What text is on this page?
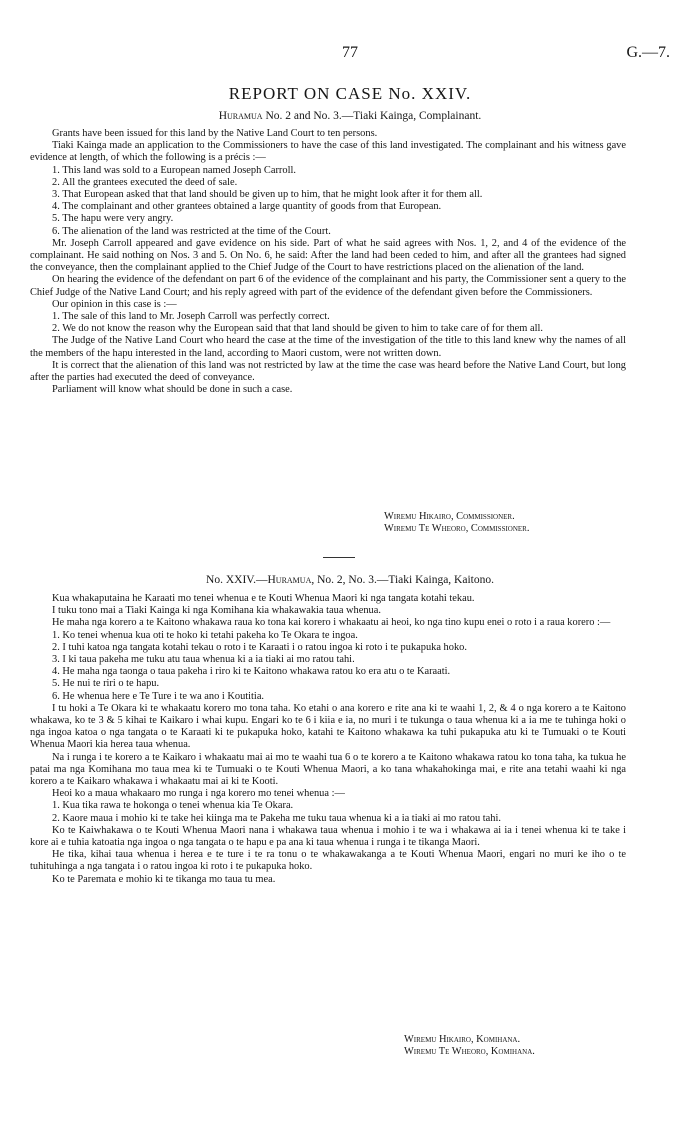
77	G.—7.
REPORT ON CASE No. XXIV.
Huramua No. 2 and No. 3.—Tiaki Kainga, Complainant.

Grants have been issued for this land by the Native Land Court to ten persons.

Tiaki Kainga made an application to the Commissioners to have the case of this land investigated. The complainant and his witness gave evidence at length, of which the following is a précis :—

1. This land was sold to a European named Joseph Carroll.

2. All the grantees executed the deed of sale.

3. That European asked that that land should be given up to him, that he might look after it for them all.

4. The complainant and other grantees obtained a large quantity of goods from that European.

5. The hapu were very angry.

6. The alienation of the land was restricted at the time of the Court.

Mr. Joseph Carroll appeared and gave evidence on his side. Part of what he said agrees with Nos. 1, 2, and 4 of the evidence of the complainant. He said nothing on Nos. 3 and 5. On No. 6, he said: After the land had been ceded to him, and after all the grantees had signed the conveyance, then the complainant applied to the Chief Judge of the Court to have restrictions placed on the alienation of the land.

On hearing the evidence of the defendant on part 6 of the evidence of the complainant and his party, the Commissioner sent a query to the Chief Judge of the Native Land Court; and his reply agreed with part of the evidence of the defendant given before the Commissioners.

Our opinion in this case is :—

1. The sale of this land to Mr. Joseph Carroll was perfectly correct.

2. We do not know the reason why the European said that that land should be given to him to take care of for them all.

The Judge of the Native Land Court who heard the case at the time of the investigation of the title to this land knew why the names of all the members of the hapu interested in the land, according to Maori custom, were not written down.

It is correct that the alienation of this land was not restricted by law at the time the case was heard before the Native Land Court, but long after the parties had executed the deed of conveyance.

Parliament will know what should be done in such a case.

Wiremu Hikairo, Commissioner.
Wiremu Te Wheoro, Commissioner.
No. XXIV.—Huramua, No. 2, No. 3.—Tiaki Kainga, Kaitono.

Kua whakaputaina he Karaati mo tenei whenua e te Kouti Whenua Maori ki nga tangata kotahi tekau.

I tuku tono mai a Tiaki Kainga ki nga Komihana kia whakawakia taua whenua.

He maha nga korero a te Kaitono whakawa raua ko tona kai korero i whakaatu ai heoi, ko nga tino kupu enei o roto i a raua korero :—

1. Ko tenei whenua kua oti te hoko ki tetahi pakeha ko Te Okara te ingoa.

2. I tuhi katoa nga tangata kotahi tekau o roto i te Karaati i o ratou ingoa ki roto i te pukapuka hoko.

3. I ki taua pakeha me tuku atu taua whenua ki a ia tiaki ai mo ratou tahi.

4. He maha nga taonga o taua pakeha i riro ki te Kaitono whakawa ratou ko era atu o te Karaati.

5. He nui te riri o te hapu.

6. He whenua here e Te Ture i te wa ano i Koutitia.

I tu hoki a Te Okara ki te whakaatu korero mo tona taha. Ko etahi o ana korero e rite ana ki te waahi 1, 2, & 4 o nga korero a te Kaitono whakawa, ko te 3 & 5 kihai te Kaikaro i whai kupu. Engari ko te 6 i kiia e ia, no muri i te tukunga o taua whenua ki a ia me te tuhinga hoki o nga ingoa katoa o nga tangata o te Karaati ki te pukapuka hoko, katahi te Kaitono whakawa ka tuhi pukapuka atu ki te Tumuaki o te Kouti Whenua Maori kia herea taua whenua.

Na i runga i te korero a te Kaikaro i whakaatu mai ai mo te waahi tua 6 o te korero a te Kaitono whakawa ratou ko tona taha, ka tukua he patai ma nga Komihana mo taua mea ki te Tumuaki o te Kouti Whenua Maori, a ko tana whakahokinga mai, e rite ana tetahi waahi ki nga korero a te Kaikaro whakawa i whakaatu mai ai ki te Kooti.

Heoi ko a maua whakaaro mo runga i nga korero mo tenei whenua :—

1. Kua tika rawa te hokonga o tenei whenua kia Te Okara.

2. Kaore maua i mohio ki te take hei kiinga ma te Pakeha me tuku taua whenua ki a ia tiaki ai mo ratou tahi.

Ko te Kaiwhakawa o te Kouti Whenua Maori nana i whakawa taua whenua i mohio i te wa i whakawa ai ia i tenei whenua ki te take i kore ai e tuhia katoatia nga ingoa o nga tangata o te hapu e pa ana ki taua whenua i runga i te tikanga Maori.

He tika, kihai taua whenua i herea e te ture i te ra tonu o te whakawakanga a te Kouti Whenua Maori, engari no muri ke iho o te tuhituhinga a nga tangata i o ratou ingoa ki roto i te pukapuka hoko.

Ko te Paremata e mohio ki te tikanga mo taua tu mea.

Wiremu Hikairo, Komihana.
Wiremu Te Wheoro, Komihana.
